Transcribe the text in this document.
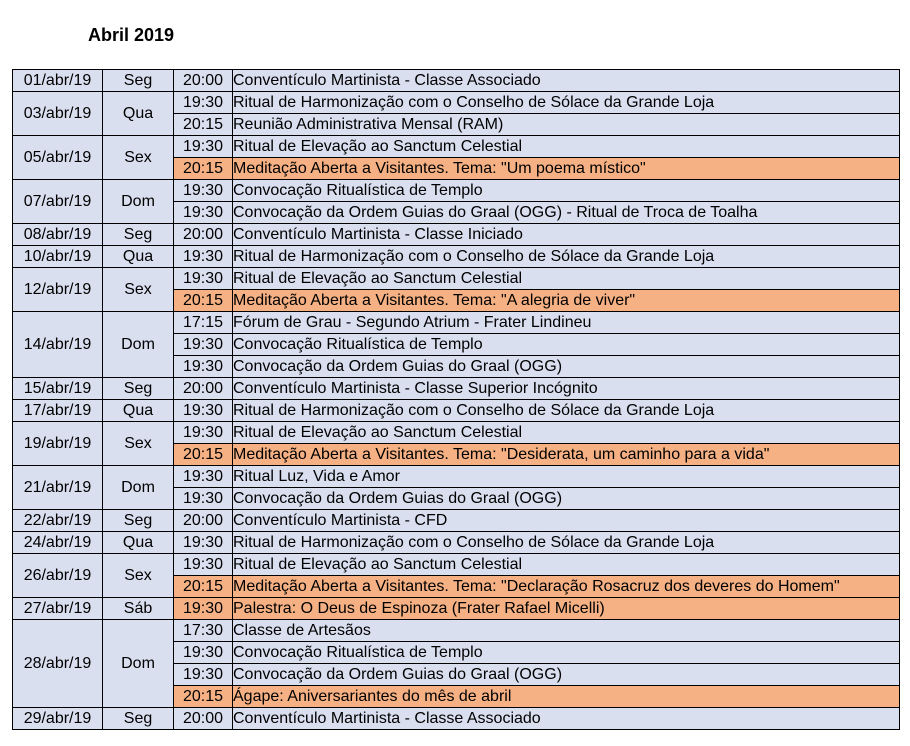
Abril 2019
01/abr/19	Seg	20:00	Conventículo Martinista - Classe Associado
03/abr/19	Qua	19:30	Ritual de Harmonização com o Conselho de Sólace da Grande Loja
		20:15	Reunião Administrativa Mensal (RAM)
05/abr/19	Sex	19:30	Ritual de Elevação ao Sanctum Celestial
		20:15	Meditação Aberta a Visitantes. Tema: "Um poema místico"
07/abr/19	Dom	19:30	Convocação Ritualística de Templo
		19:30	Convocação da Ordem Guias do Graal (OGG) - Ritual de Troca de Toalha
08/abr/19	Seg	20:00	Conventículo Martinista - Classe Iniciado
10/abr/19	Qua	19:30	Ritual de Harmonização com o Conselho de Sólace da Grande Loja
12/abr/19	Sex	19:30	Ritual de Elevação ao Sanctum Celestial
		20:15	Meditação Aberta a Visitantes. Tema: "A alegria de viver"
14/abr/19	Dom	17:15	Fórum de Grau - Segundo Atrium - Frater Lindineu
		19:30	Convocação Ritualística de Templo
		19:30	Convocação da Ordem Guias do Graal (OGG)
15/abr/19	Seg	20:00	Conventículo Martinista - Classe Superior Incógnito
17/abr/19	Qua	19:30	Ritual de Harmonização com o Conselho de Sólace da Grande Loja
19/abr/19	Sex	19:30	Ritual de Elevação ao Sanctum Celestial
		20:15	Meditação Aberta a Visitantes. Tema: "Desiderata, um caminho para a vida"
21/abr/19	Dom	19:30	Ritual Luz, Vida e Amor
		19:30	Convocação da Ordem Guias do Graal (OGG)
22/abr/19	Seg	20:00	Conventículo Martinista - CFD
24/abr/19	Qua	19:30	Ritual de Harmonização com o Conselho de Sólace da Grande Loja
26/abr/19	Sex	19:30	Ritual de Elevação ao Sanctum Celestial
		20:15	Meditação Aberta a Visitantes. Tema: "Declaração Rosacruz dos deveres do Homem"
27/abr/19	Sáb	19:30	Palestra: O Deus de Espinoza (Frater Rafael Micelli)
28/abr/19	Dom	17:30	Classe de Artesãos
		19:30	Convocação Ritualística de Templo
		19:30	Convocação da Ordem Guias do Graal (OGG)
		20:15	Ágape: Aniversariantes do mês de abril
29/abr/19	Seg	20:00	Conventículo Martinista - Classe Associado
